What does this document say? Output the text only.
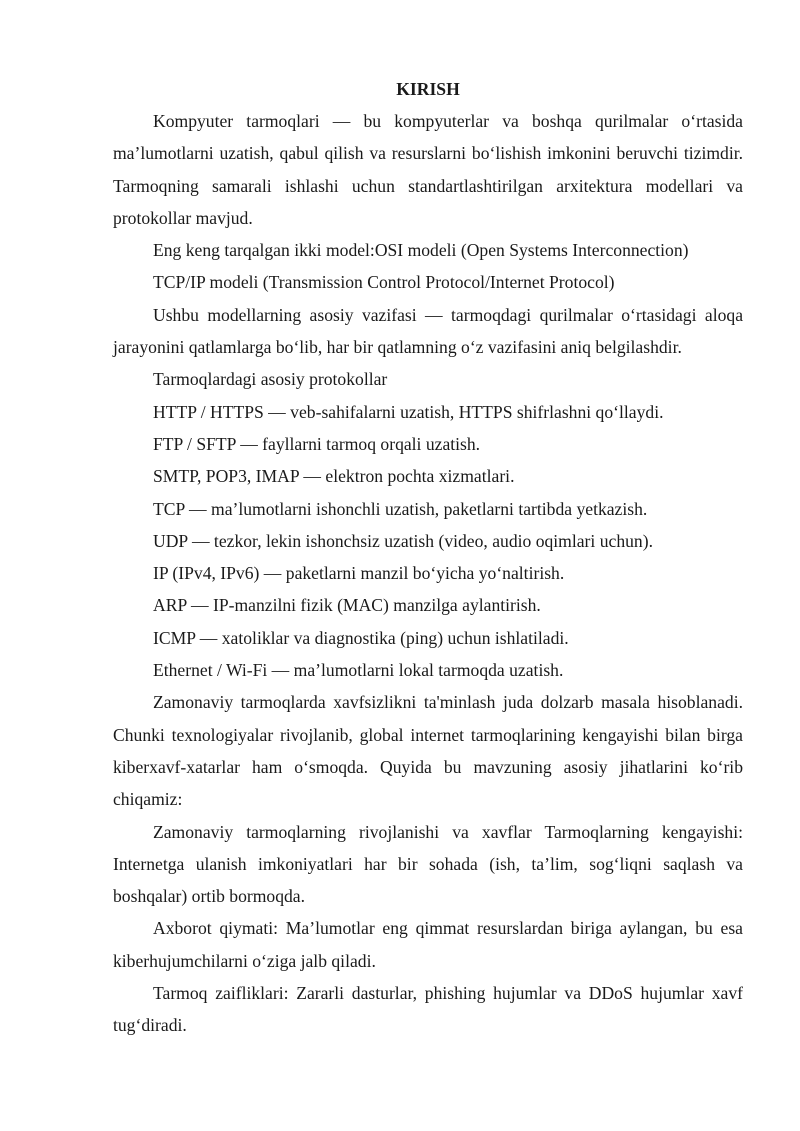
KIRISH

Kompyuter tarmoqlari — bu kompyuterlar va boshqa qurilmalar o‘rtasida ma’lumotlarni uzatish, qabul qilish va resurslarni bo‘lishish imkonini beruvchi tizimdir. Tarmoqning samarali ishlashi uchun standartlashtirilgan arxitektura modellari va protokollar mavjud.

Eng keng tarqalgan ikki model:OSI modeli (Open Systems Interconnection)

TCP/IP modeli (Transmission Control Protocol/Internet Protocol)

Ushbu modellarning asosiy vazifasi — tarmoqdagi qurilmalar o‘rtasidagi aloqa jarayonini qatlamlarga bo‘lib, har bir qatlamning o‘z vazifasini aniq belgilashdir.

Tarmoqlardagi asosiy protokollar

HTTP / HTTPS — veb-sahifalarni uzatish, HTTPS shifrlashni qo‘llaydi.

FTP / SFTP — fayllarni tarmoq orqali uzatish.

SMTP, POP3, IMAP — elektron pochta xizmatlari.

TCP — ma’lumotlarni ishonchli uzatish, paketlarni tartibda yetkazish.

UDP — tezkor, lekin ishonchsiz uzatish (video, audio oqimlari uchun).

IP (IPv4, IPv6) — paketlarni manzil bo‘yicha yo‘naltirish.

ARP — IP-manzilni fizik (MAC) manzilga aylantirish.

ICMP — xatoliklar va diagnostika (ping) uchun ishlatiladi.

Ethernet / Wi-Fi — ma’lumotlarni lokal tarmoqda uzatish.

Zamonaviy tarmoqlarda xavfsizlikni ta'minlash juda dolzarb masala hisoblanadi. Chunki texnologiyalar rivojlanib, global internet tarmoqlarining kengayishi bilan birga kiberxavf-xatarlar ham o‘smoqda. Quyida bu mavzuning asosiy jihatlarini ko‘rib chiqamiz:

Zamonaviy tarmoqlarning rivojlanishi va xavflar Tarmoqlarning kengayishi: Internetga ulanish imkoniyatlari har bir sohada (ish, ta’lim, sog‘liqni saqlash va boshqalar) ortib bormoqda.

Axborot qiymati: Ma’lumotlar eng qimmat resurslardan biriga aylangan, bu esa kiberhujumchilarni o‘ziga jalb qiladi.

Tarmoq zaifliklari: Zararli dasturlar, phishing hujumlar va DDoS hujumlar xavf tug‘diradi.
